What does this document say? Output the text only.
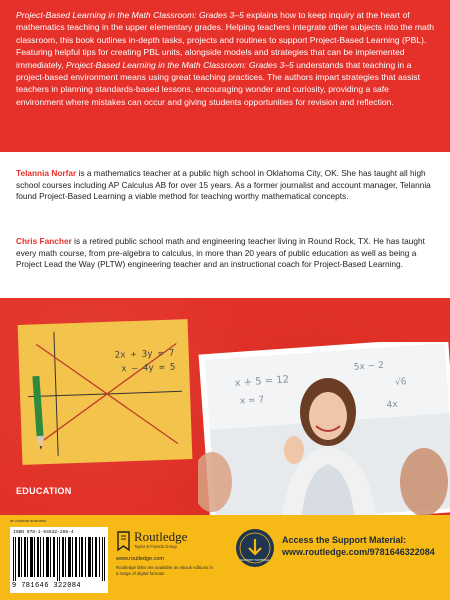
Project-Based Learning in the Math Classroom: Grades 3–5 explains how to keep inquiry at the heart of mathematics teaching in the upper elementary grades. Helping teachers integrate other subjects into the math classroom, this book outlines in-depth tasks, projects and routines to support Project-Based Learning (PBL). Featuring helpful tips for creating PBL units, alongside models and strategies that can be implemented immediately, Project-Based Learning in the Math Classroom: Grades 3–5 understands that teaching in a project-based environment means using great teaching practices. The authors impart strategies that assist teachers in planning standards-based lessons, encouraging wonder and curiosity, providing a safe environment where mistakes can occur and giving students opportunities for revision and reflection.

Telannia Norfar is a mathematics teacher at a public high school in Oklahoma City, OK. She has taught all high school courses including AP Calculus AB for over 15 years. As a former journalist and account manager, Telannia found Project-Based Learning a viable method for teaching worthy mathematical concepts.

Chris Fancher is a retired public school math and engineering teacher living in Round Rock, TX. He has taught every math course, from pre-algebra to calculus, in more than 20 years of public education as well as being a Project Lead the Way (PLTW) engineering teacher and an instructional coach for Project-Based Learning.

2x + 3y = 7
x – 4y = 5
x + 5 = 12
x = 7
5x − 2
√6
4x
EDUCATION
an informa business
ISBN 978-1-64632-208-4
9 781646 322084
Routledge
Taylor & Francis Group
www.routledge.com
Routledge titles are available as eBook editions in a range of digital formats
SUPPORT MATERIAL
Access the Support Material:
www.routledge.com/9781646322084
